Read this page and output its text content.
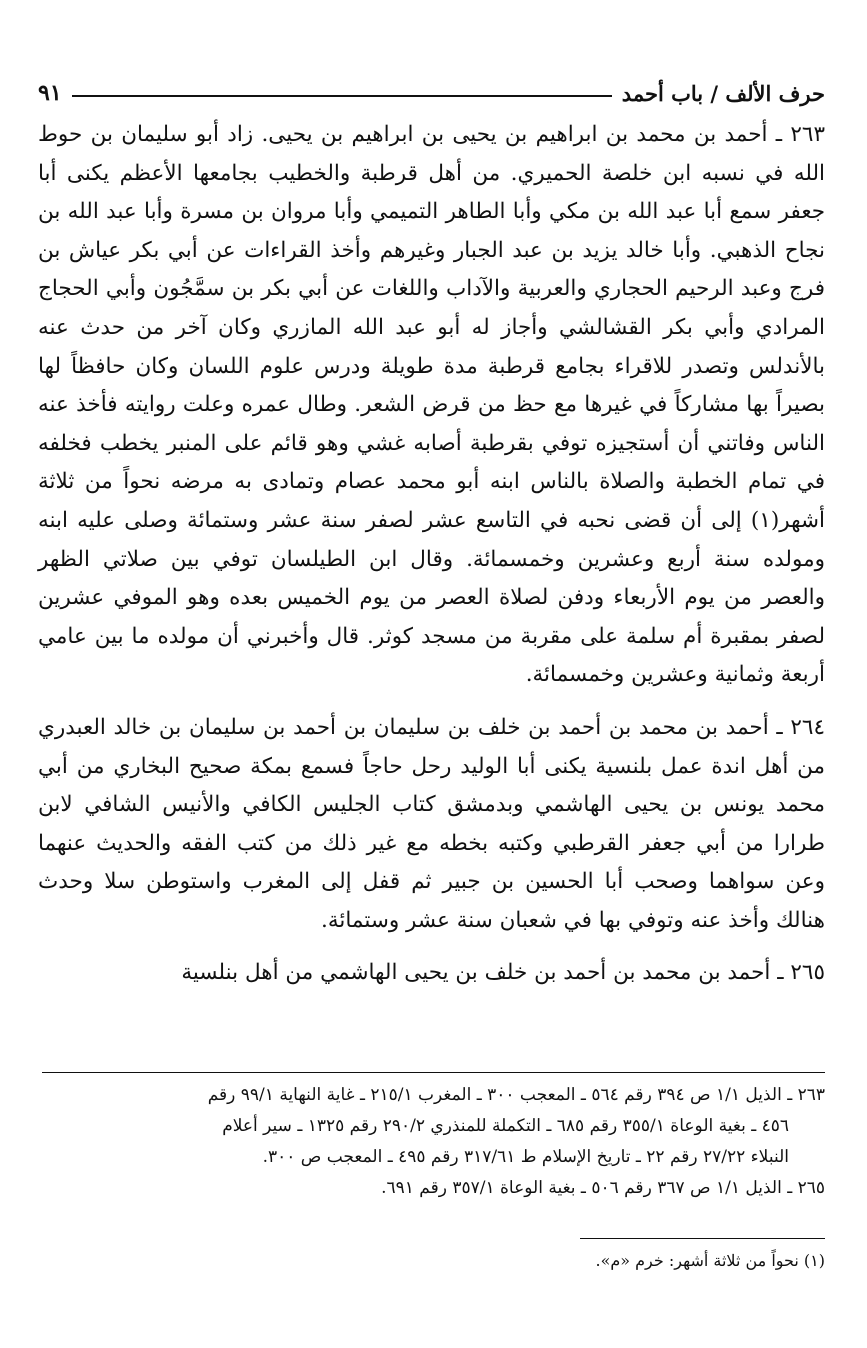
حرف الألف / باب أحمد
٩١

٢٦٣ ـ أحمد بن محمد بن ابراهيم بن يحيى بن ابراهيم بن يحيى. زاد أبو سليمان بن حوط الله في نسبه ابن خلصة الحميري. من أهل قرطبة والخطيب بجامعها الأعظم يكنى أبا جعفر سمع أبا عبد الله بن مكي وأبا الطاهر التميمي وأبا مروان بن مسرة وأبا عبد الله بن نجاح الذهبي. وأبا خالد يزيد بن عبد الجبار وغيرهم وأخذ القراءات عن أبي بكر عياش بن فرج وعبد الرحيم الحجاري والعربية والآداب واللغات عن أبي بكر بن سمَّجُون وأبي الحجاج المرادي وأبي بكر القشالشي وأجاز له أبو عبد الله المازري وكان آخر من حدث عنه بالأندلس وتصدر للاقراء بجامع قرطبة مدة طويلة ودرس علوم اللسان وكان حافظاً لها بصيراً بها مشاركاً في غيرها مع حظ من قرض الشعر. وطال عمره وعلت روايته فأخذ عنه الناس وفاتني أن أستجيزه توفي بقرطبة أصابه غشي وهو قائم على المنبر يخطب فخلفه في تمام الخطبة والصلاة بالناس ابنه أبو محمد عصام وتمادى به مرضه نحواً من ثلاثة أشهر(١) إلى أن قضى نحبه في التاسع عشر لصفر سنة عشر وستمائة وصلى عليه ابنه ومولده سنة أربع وعشرين وخمسمائة. وقال ابن الطيلسان توفي بين صلاتي الظهر والعصر من يوم الأربعاء ودفن لصلاة العصر من يوم الخميس بعده وهو الموفي عشرين لصفر بمقبرة أم سلمة على مقربة من مسجد كوثر. قال وأخبرني أن مولده ما بين عامي أربعة وثمانية وعشرين وخمسمائة.

٢٦٤ ـ أحمد بن محمد بن أحمد بن خلف بن سليمان بن أحمد بن سليمان بن خالد العبدري من أهل اندة عمل بلنسية يكنى أبا الوليد رحل حاجاً فسمع بمكة صحيح البخاري من أبي محمد يونس بن يحيى الهاشمي وبدمشق كتاب الجليس الكافي والأنيس الشافي لابن طرارا من أبي جعفر القرطبي وكتبه بخطه مع غير ذلك من كتب الفقه والحديث عنهما وعن سواهما وصحب أبا الحسين بن جبير ثم قفل إلى المغرب واستوطن سلا وحدث هنالك وأخذ عنه وتوفي بها في شعبان سنة عشر وستمائة.

٢٦٥ ـ أحمد بن محمد بن أحمد بن خلف بن يحيى الهاشمي من أهل بنلسية

٢٦٣ ـ الذيل ١/١ ص ٣٩٤ رقم ٥٦٤ ـ المعجب ٣٠٠ ـ المغرب ٢١٥/١ ـ غاية النهاية ٩٩/١ رقم

٤٥٦ ـ بغية الوعاة ٣٥٥/١ رقم ٦٨٥ ـ التكملة للمنذري ٢٩٠/٢ رقم ١٣٢٥ ـ سير أعلام

النبلاء ٢٧/٢٢ رقم ٢٢ ـ تاريخ الإسلام ط ٣١٧/٦١ رقم ٤٩٥ ـ المعجب ص ٣٠٠.

٢٦٥ ـ الذيل ١/١ ص ٣٦٧ رقم ٥٠٦ ـ بغية الوعاة ٣٥٧/١ رقم ٦٩١.

(١) نحواً من ثلاثة أشهر: خرم «م».
